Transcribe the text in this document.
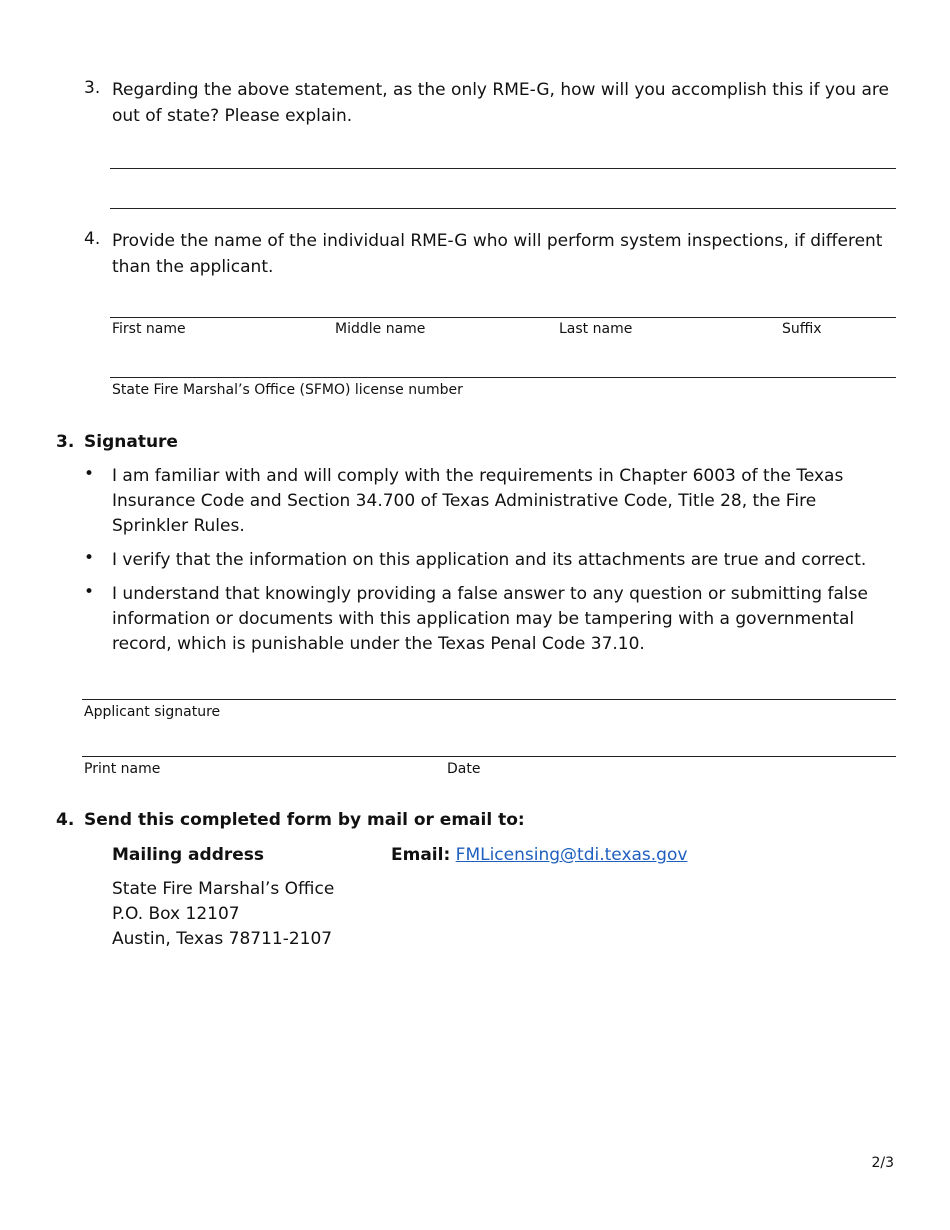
3. Regarding the above statement, as the only RME-G, how will you accomplish this if you are out of state? Please explain.
4. Provide the name of the individual RME-G who will perform system inspections, if different than the applicant.
First name	Middle name	Last name	Suffix
State Fire Marshal’s Office (SFMO) license number
3. Signature
• I am familiar with and will comply with the requirements in Chapter 6003 of the Texas Insurance Code and Section 34.700 of Texas Administrative Code, Title 28, the Fire Sprinkler Rules.
• I verify that the information on this application and its attachments are true and correct.
• I understand that knowingly providing a false answer to any question or submitting false information or documents with this application may be tampering with a governmental record, which is punishable under the Texas Penal Code 37.10.
Applicant signature
Print name	Date
4. Send this completed form by mail or email to:
Mailing address	Email: FMLicensing@tdi.texas.gov
State Fire Marshal’s Office
P.O. Box 12107
Austin, Texas 78711-2107
2/3
